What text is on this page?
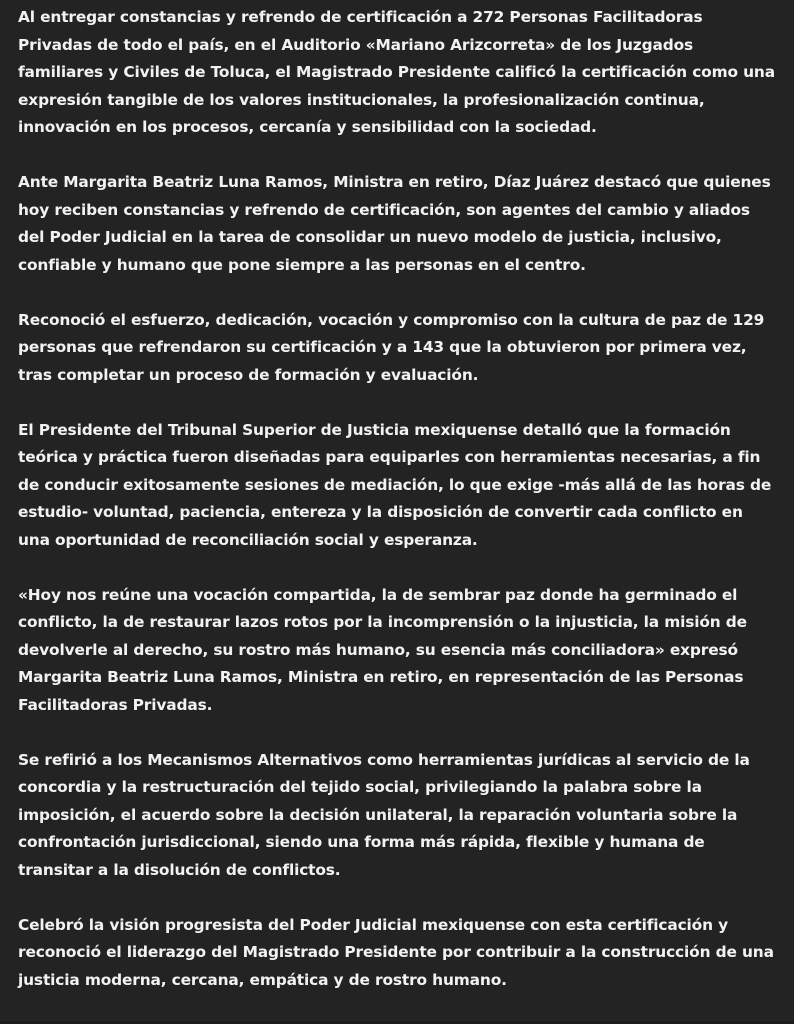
Al entregar constancias y refrendo de certificación a 272 Personas Facilitadoras Privadas de todo el país, en el Auditorio «Mariano Arizcorreta» de los Juzgados familiares y Civiles de Toluca, el Magistrado Presidente calificó la certificación como una expresión tangible de los valores institucionales, la profesionalización continua, innovación en los procesos, cercanía y sensibilidad con la sociedad.

Ante Margarita Beatriz Luna Ramos, Ministra en retiro, Díaz Juárez destacó que quienes hoy reciben constancias y refrendo de certificación, son agentes del cambio y aliados del Poder Judicial en la tarea de consolidar un nuevo modelo de justicia, inclusivo, confiable y humano que pone siempre a las personas en el centro.

Reconoció el esfuerzo, dedicación, vocación y compromiso con la cultura de paz de 129 personas que refrendaron su certificación y a 143 que la obtuvieron por primera vez, tras completar un proceso de formación y evaluación.

El Presidente del Tribunal Superior de Justicia mexiquense detalló que la formación teórica y práctica fueron diseñadas para equiparles con herramientas necesarias, a fin de conducir exitosamente sesiones de mediación, lo que exige -más allá de las horas de estudio- voluntad, paciencia, entereza y la disposición de convertir cada conflicto en una oportunidad de reconciliación social y esperanza.

«Hoy nos reúne una vocación compartida, la de sembrar paz donde ha germinado el conflicto, la de restaurar lazos rotos por la incomprensión o la injusticia, la misión de devolverle al derecho, su rostro más humano, su esencia más conciliadora» expresó Margarita Beatriz Luna Ramos, Ministra en retiro, en representación de las Personas Facilitadoras Privadas.

Se refirió a los Mecanismos Alternativos como herramientas jurídicas al servicio de la concordia y la restructuración del tejido social, privilegiando la palabra sobre la imposición, el acuerdo sobre la decisión unilateral, la reparación voluntaria sobre la confrontación jurisdiccional, siendo una forma más rápida, flexible y humana de transitar a la disolución de conflictos.

Celebró la visión progresista del Poder Judicial mexiquense con esta certificación y reconoció el liderazgo del Magistrado Presidente por contribuir a la construcción de una justicia moderna, cercana, empática y de rostro humano.
